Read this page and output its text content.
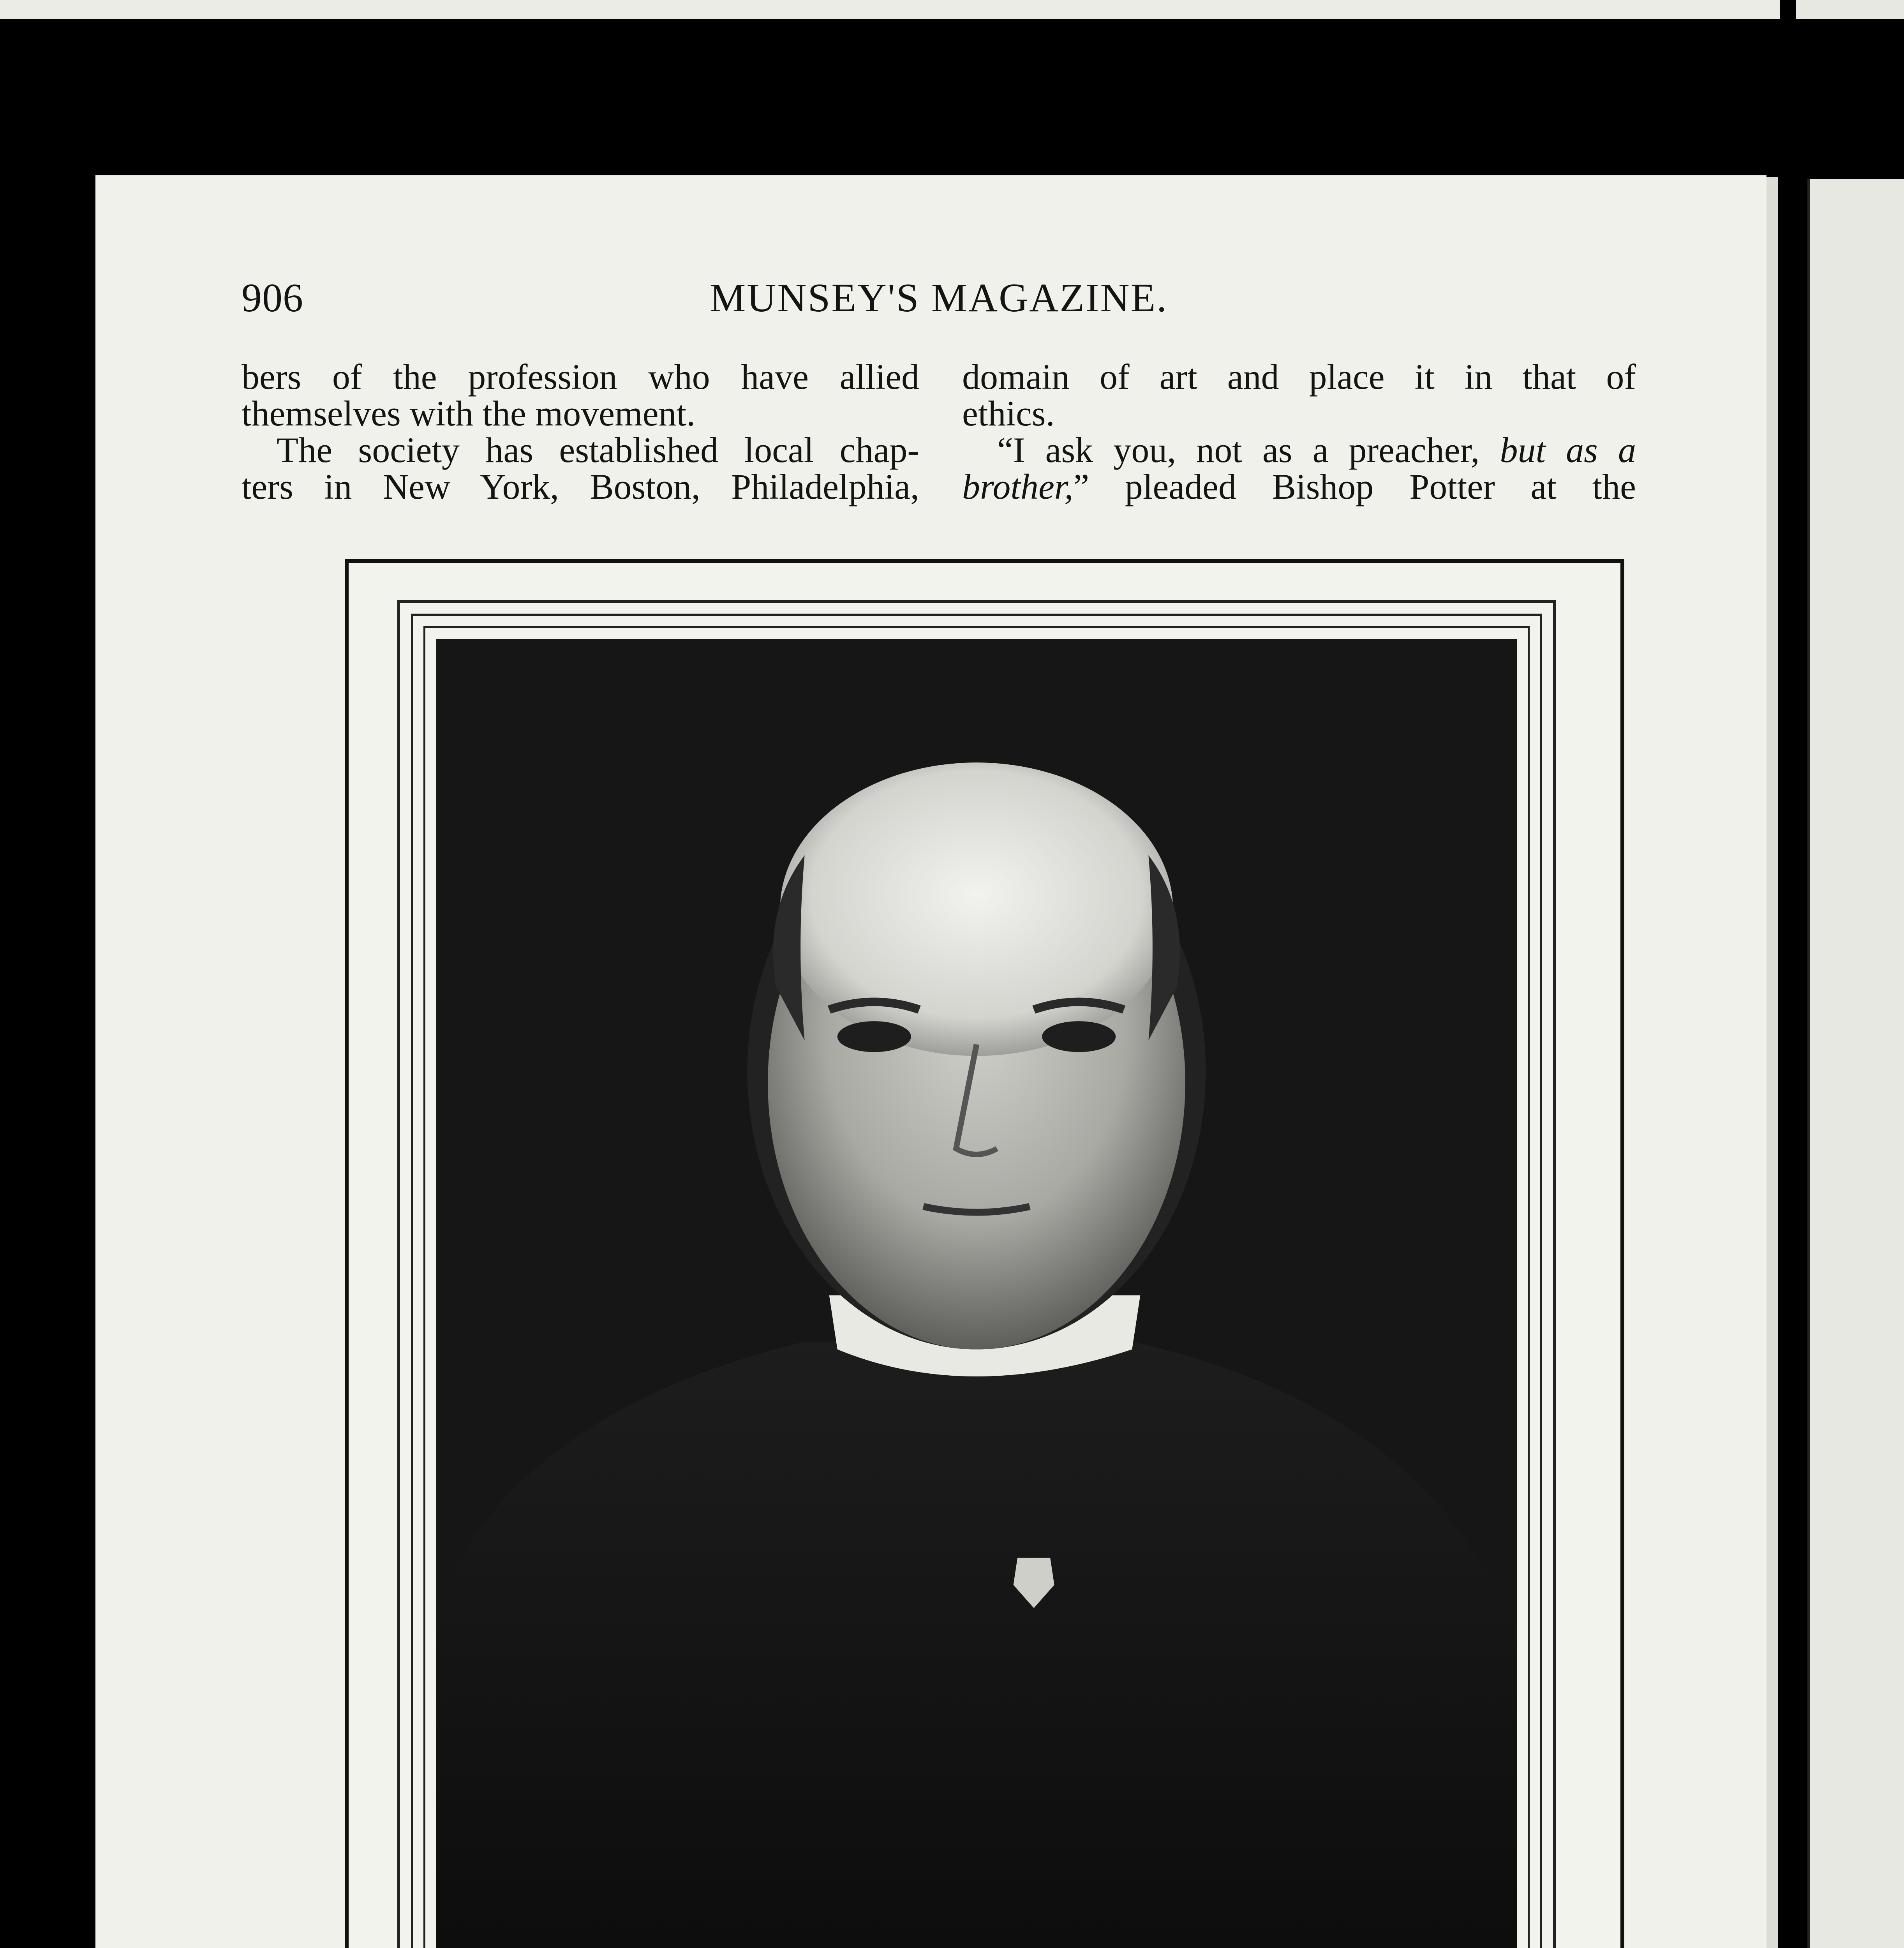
906	MUNSEY'S MAGAZINE.
bers of the profession who have allied
themselves with the movement.
The society has established local chap-
ters in New York, Boston, Philadelphia,
domain of art and place it in that of
ethics.
“I ask you, not as a preacher, but as a
brother,” pleaded Bishop Potter at the
